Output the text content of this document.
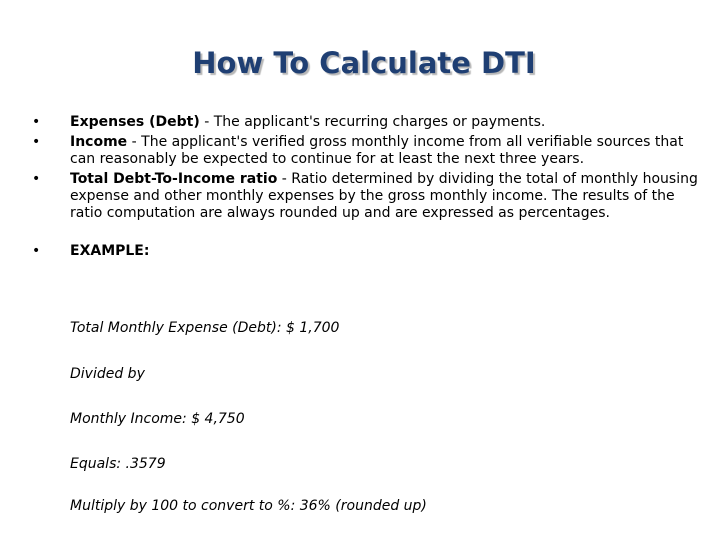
How To Calculate DTI
• Expenses (Debt) - The applicant's recurring charges or payments.
• Income - The applicant's verified gross monthly income from all verifiable sources that can reasonably be expected to continue for at least the next three years.
• Total Debt-To-Income ratio - Ratio determined by dividing the total of monthly housing expense and other monthly expenses by the gross monthly income. The results of the ratio computation are always rounded up and are expressed as percentages.
• EXAMPLE:
Total Monthly Expense (Debt): $ 1,700
Divided by
Monthly Income: $ 4,750
Equals: .3579
Multiply by 100 to convert to %: 36% (rounded up)
